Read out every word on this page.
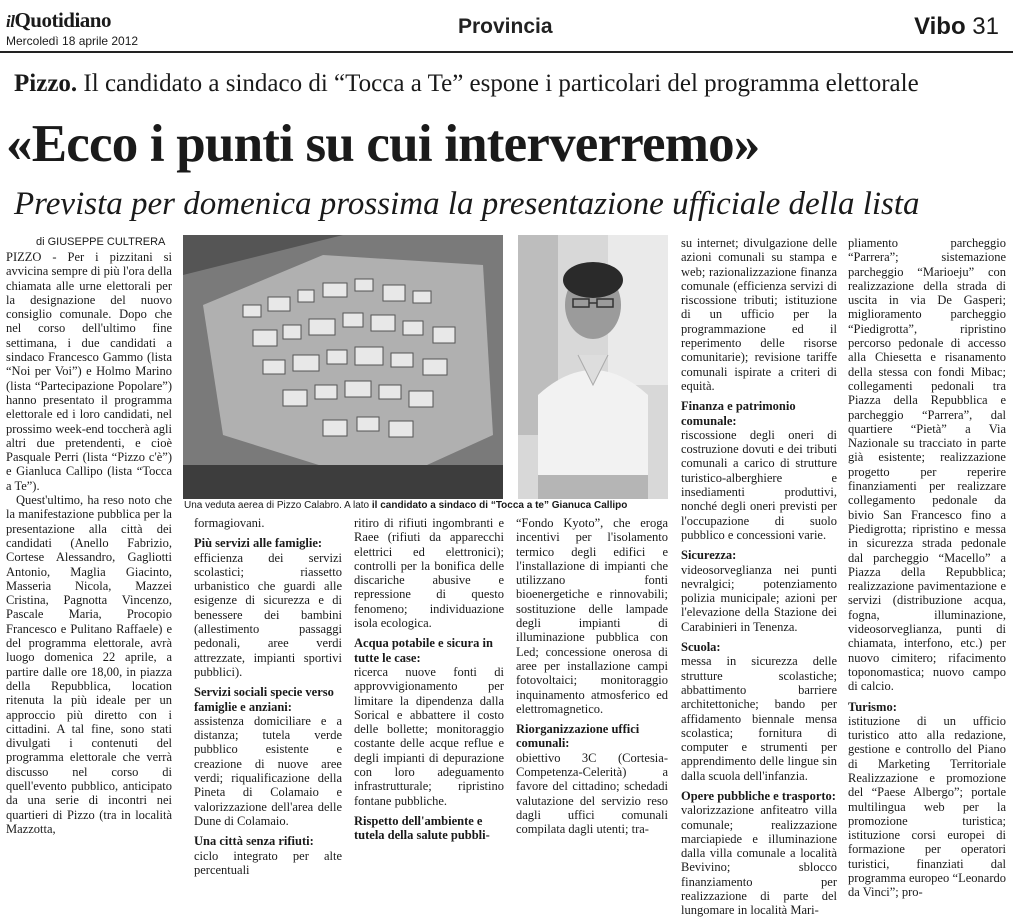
ilQuotidiano
Mercoledì 18 aprile 2012
Provincia	Vibo 31
Pizzo. Il candidato a sindaco di “Tocca a Te” espone i particolari del programma elettorale
«Ecco i punti su cui interverremo»
Prevista per domenica prossima la presentazione ufficiale della lista
di GIUSEPPE CULTRERA

PIZZO - Per i pizzitani si avvicina sempre di più l'ora della chiamata alle urne elettorali per la designazione del nuovo consiglio comunale. Dopo che nel corso dell'ultimo fine settimana, i due candidati a sindaco Francesco Gammo (lista “Noi per Voi”) e Holmo Marino (lista “Partecipazione Popolare”) hanno presentato il programma elettorale ed i loro candidati, nel prossimo week-end toccherà agli altri due pretendenti, e cioè Pasquale Perri (lista “Pizzo c'è”) e Gianluca Callipo (lista “Tocca a Te”).

Quest'ultimo, ha reso noto che la manifestazione pubblica per la presentazione alla città dei candidati (Anello Fabrizio, Cortese Alessandro, Gagliotti Antonio, Maglia Giacinto, Masseria Nicola, Mazzei Cristina, Pagnotta Vincenzo, Pascale Maria, Procopio Francesco e Pulitano Raffaele) e del programma elettorale, avrà luogo domenica 22 aprile, a partire dalle ore 18,00, in piazza della Repubblica, location ritenuta la più ideale per un approccio più diretto con i cittadini. A tal fine, sono stati divulgati i contenuti del programma elettorale che verrà discusso nel corso di quell'evento pubblico, anticipato da una serie di incontri nei quartieri di Pizzo (tra in località Mazzotta,

Una veduta aerea di Pizzo Calabro. A lato il candidato a sindaco di “Tocca a te” Gianuca Callipo

formagiovani.

Più servizi alle famiglie:
efficienza dei servizi scolastici; riassetto urbanistico che guardi alle esigenze di sicurezza e di benessere dei bambini (allestimento passaggi pedonali, aree verdi attrezzate, impianti sportivi pubblici).
Servizi sociali specie verso famiglie e anziani:
assistenza domiciliare e a distanza; tutela verde pubblico esistente e creazione di nuove aree verdi; riqualificazione della Pineta di Colamaio e valorizzazione dell'area delle Dune di Colamaio.
Una città senza rifiuti:
ciclo integrato per alte percentuali
ritiro di rifiuti ingombranti e Raee (rifiuti da apparecchi elettrici ed elettronici); controlli per la bonifica delle discariche abusive e repressione di questo fenomeno; individuazione isola ecologica.
Acqua potabile e sicura in tutte le case:
ricerca nuove fonti di approvvigionamento per limitare la dipendenza dalla Sorical e abbattere il costo delle bollette; monitoraggio costante delle acque reflue e degli impianti di depurazione con loro adeguamento infrastrutturale; ripristino fontane pubbliche.
Rispetto dell'ambiente e tutela della salute pubbli-
“Fondo Kyoto”, che eroga incentivi per l'isolamento termico degli edifici e l'installazione di impianti che utilizzano fonti bioenergetiche e rinnovabili; sostituzione delle lampade degli impianti di illuminazione pubblica con Led; concessione onerosa di aree per installazione campi fotovoltaici; monitoraggio inquinamento atmosferico ed elettromagnetico.
Riorganizzazione uffici comunali:
obiettivo 3C (Cortesia-Competenza-Celerità) a favore del cittadino; schedadi valutazione del servizio reso dagli uffici comunali compilata dagli utenti; tra-
su internet; divulgazione delle azioni comunali su stampa e web; razionalizzazione finanza comunale (efficienza servizi di riscossione tributi; istituzione di un ufficio per la programmazione ed il reperimento delle risorse comunitarie); revisione tariffe comunali ispirate a criteri di equità.
Finanza e patrimonio comunale:
riscossione degli oneri di costruzione dovuti e dei tributi comunali a carico di strutture turistico-alberghiere e insediamenti produttivi, nonché degli oneri previsti per l'occupazione di suolo pubblico e concessioni varie.
Sicurezza:
videosorveglianza nei punti nevralgici; potenziamento polizia municipale; azioni per l'elevazione della Stazione dei Carabinieri in Tenenza.
Scuola:
messa in sicurezza delle strutture scolastiche; abbattimento barriere architettoniche; bando per affidamento biennale mensa scolastica; fornitura di computer e strumenti per apprendimento delle lingue sin dalla scuola dell'infanzia.
Opere pubbliche e trasporto:
valorizzazione anfiteatro villa comunale; realizzazione marciapiede e illuminazione dalla villa comunale a località Bevivino; sblocco finanziamento per realizzazione di parte del lungomare in località Mari-
pliamento parcheggio “Parrera”; sistemazione parcheggio “Marioeju” con realizzazione della strada di uscita in via De Gasperi; miglioramento parcheggio “Piedigrotta”, ripristino percorso pedonale di accesso alla Chiesetta e risanamento della stessa con fondi Mibac; collegamenti pedonali tra Piazza della Repubblica e parcheggio “Parrera”, dal quartiere “Pietà” a Via Nazionale su tracciato in parte già esistente; realizzazione progetto per reperire finanziamenti per realizzare collegamento pedonale da bivio San Francesco fino a Piedigrotta; ripristino e messa in sicurezza strada pedonale dal parcheggio “Macello” a Piazza della Repubblica; realizzazione pavimentazione e servizi (distribuzione acqua, fogna, illuminazione, videosorveglianza, punti di chiamata, interfono, etc.) per nuovo cimitero; rifacimento toponomastica; nuovo campo di calcio.
Turismo:
istituzione di un ufficio turistico atto alla redazione, gestione e controllo del Piano di Marketing Territoriale Realizzazione e promozione del “Paese Albergo”; portale multilingua web per la promozione turistica; istituzione corsi europei di formazione per operatori turistici, finanziati dal programma europeo “Leonardo da Vinci”; pro-
